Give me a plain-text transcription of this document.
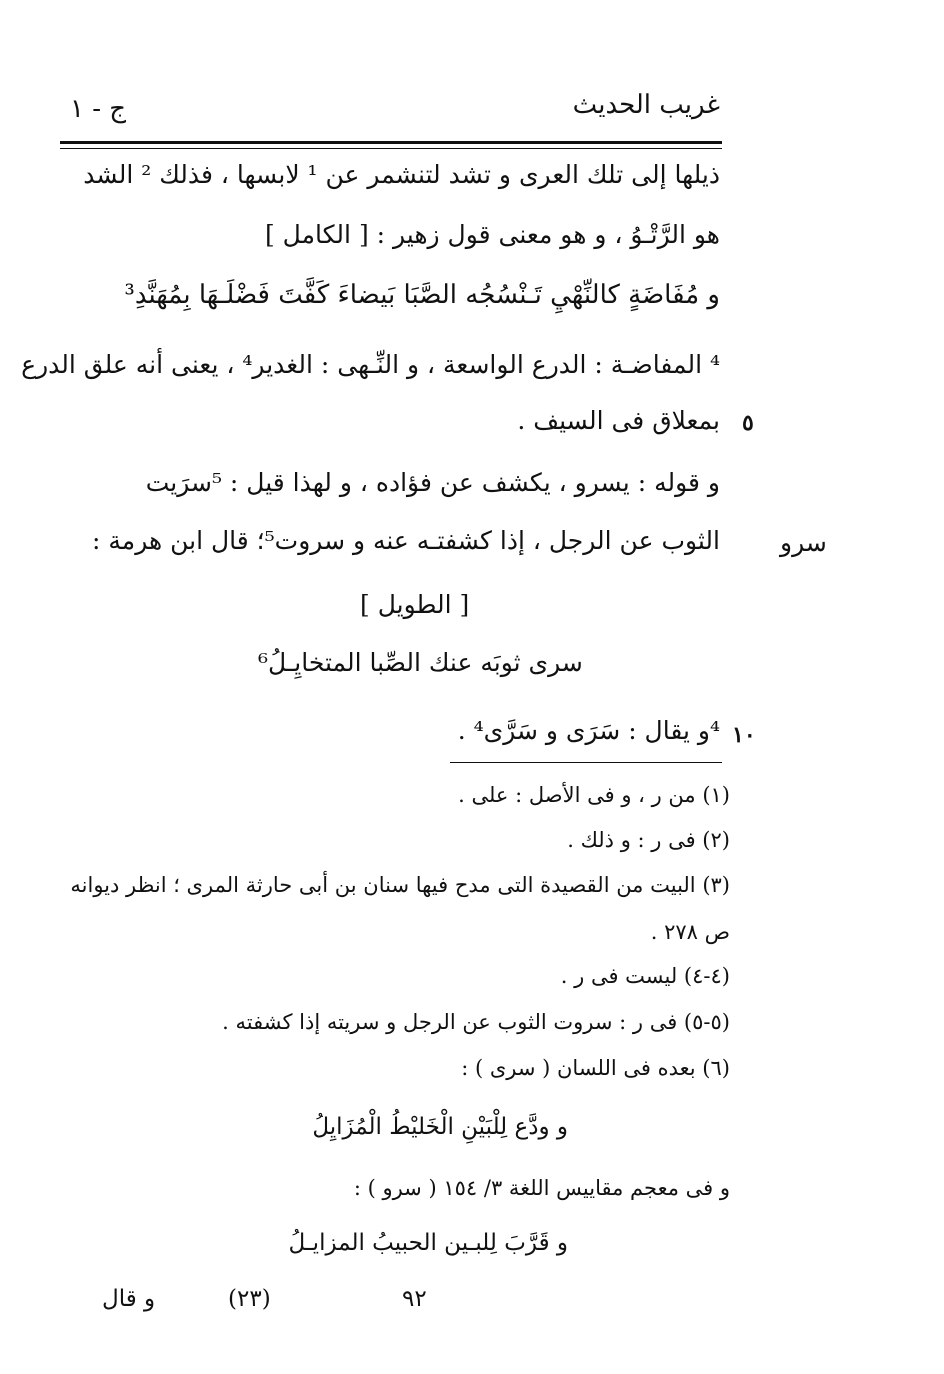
غريب الحديث
ج - ١
ذيلها إلى تلك العرى و تشد لتنشمر عن ¹ لابسها ، فذلك ² الشد
هو الرَّتْـوُ ، و هو معنى قول زهير : [ الكامل ]
و مُفَاضَةٍ كالنِّهْيِ تَـنْسُجُه الصَّبَا بَيضاءَ كَفَّتَ فَضْلَـهَا بِمُهَنَّدِ³
⁴ المفاضـة : الدرع الواسعة ، و النِّـهى : الغدير⁴ ، يعنى أنه علق الدرع
بمعلاق فى السيف . ٥
و قوله : يسرو ، يكشف عن فؤاده ، و لهذا قيل : ⁵سرَيت
سرو
الثوب عن الرجل ، إذا كشفتـه عنه و سروت⁵؛ قال ابن هرمة :
[ الطويل ]
سرى ثوبَه عنك الصِّبا المتخايِـلُ⁶
١٠
⁴و يقال : سَرَى و سَرَّى⁴ .
(١) من ر ، و فى الأصل : على .
(٢) فى ر : و ذلك .
(٣) البيت من القصيدة التى مدح فيها سنان بن أبى حارثة المرى ؛ انظر ديوانه
ص ٢٧٨ .
(٤-٤) ليست فى ر .
(٥-٥) فى ر : سروت الثوب عن الرجل و سريته إذا كشفته .
(٦) بعده فى اللسان ( سرى ) :
و ودَّع لِلْبَيْنِ الْخَليْطُ الْمُزَايِلُ
و فى معجم مقاييس اللغة ٣/ ١٥٤ ( سرو ) :
و قَرَّبَ لِلبـين الحبيبُ المزايـلُ
و قال	(٢٣)	٩٢
